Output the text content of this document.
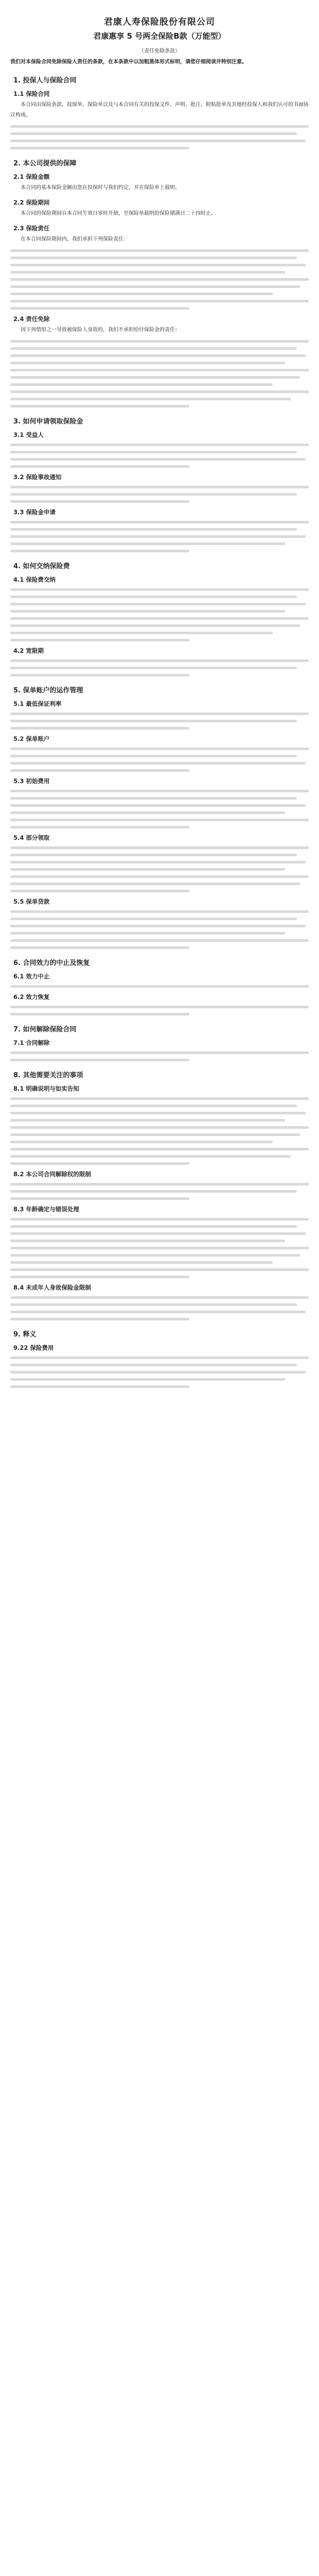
君康人寿保险股份有限公司
君康惠享 5 号两全保险B款（万能型）
（责任免除条款）
我们对本保险合同免除保险人责任的条款，在本条款中以加粗黑体形式标明，请您仔细阅读并特别注意。
1. 投保人与保险合同
1.1 保险合同
本合同由保险条款、投保单、保险单以及与本合同有关的投保文件、声明、批注、附贴批单及其他经投保人和我们认可的书面协议构成。
2. 本公司提供的保障
2.1 保险金额
本合同的基本保险金额由您在投保时与我们约定，并在保险单上载明。
2.2 保险期间
本合同的保险期间自本合同生效日零时开始，至保险单载明的保险期满日二十四时止。
2.3 保险责任
在本合同保险期间内，我们承担下列保险责任：
2.4 责任免除
因下列情形之一导致被保险人身故的，我们不承担给付保险金的责任：
3. 如何申请领取保险金
3.1 受益人
3.2 保险事故通知
3.3 保险金申请
4. 如何交纳保险费
4.1 保险费交纳
4.2 宽限期
5. 保单账户的运作管理
5.1 最低保证利率
5.2 保单账户
5.3 初始费用
5.4 部分领取
5.5 保单贷款
6. 合同效力的中止及恢复
6.1 效力中止
6.2 效力恢复
7. 如何解除保险合同
7.1 合同解除
8. 其他需要关注的事项
8.1 明确说明与如实告知
8.2 本公司合同解除权的限制
8.3 年龄确定与错误处理
8.4 未成年人身故保险金限制
9. 释义
9.22 保险费用
